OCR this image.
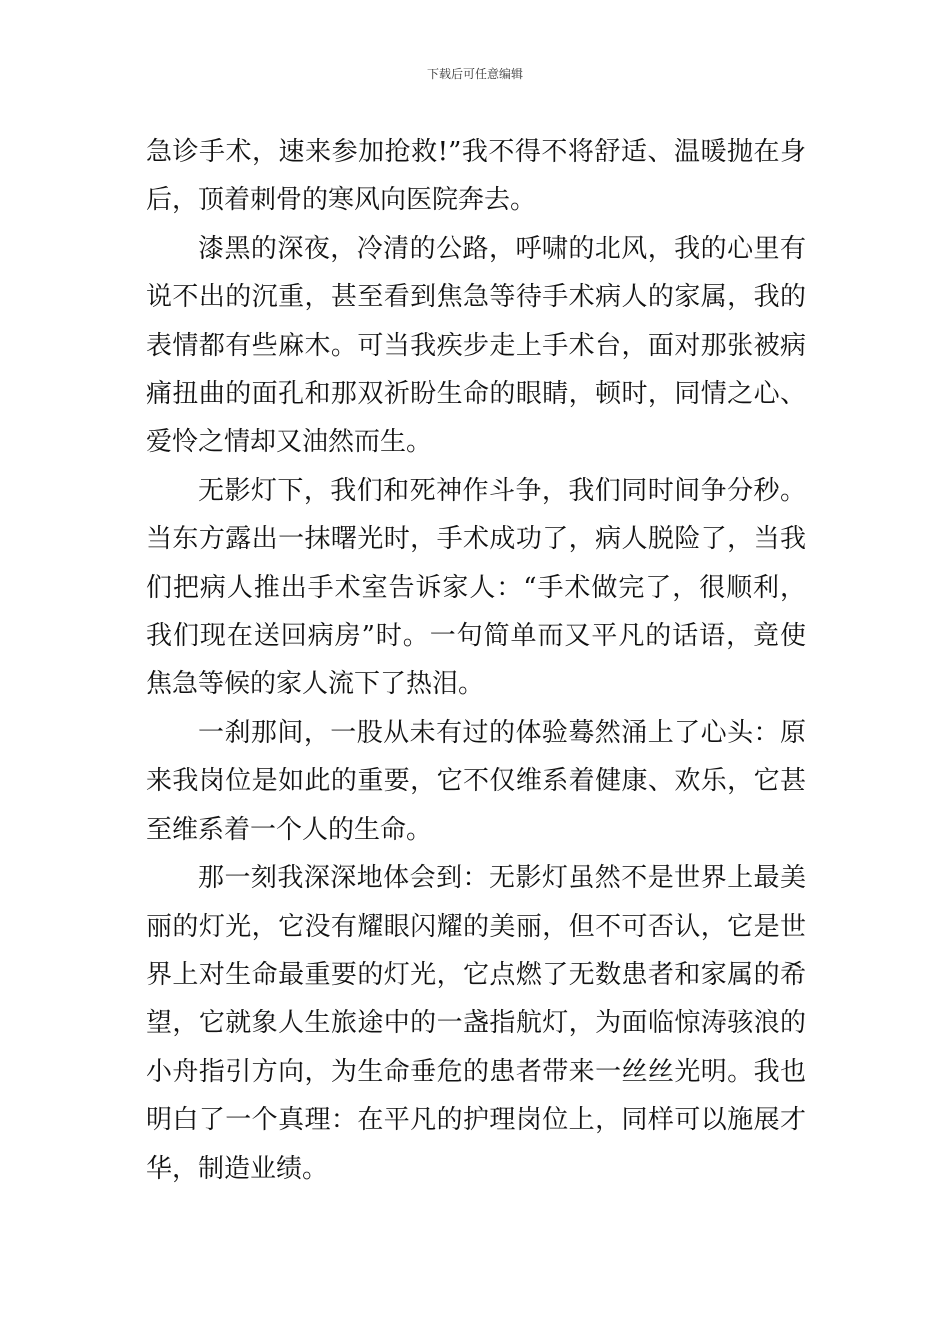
下载后可任意编辑

急诊手术，速来参加抢救!”我不得不将舒适、温暖抛在身后，顶着刺骨的寒风向医院奔去。

漆黑的深夜，冷清的公路，呼啸的北风，我的心里有说不出的沉重，甚至看到焦急等待手术病人的家属，我的表情都有些麻木。可当我疾步走上手术台，面对那张被病痛扭曲的面孔和那双祈盼生命的眼睛，顿时，同情之心、爱怜之情却又油然而生。

无影灯下，我们和死神作斗争，我们同时间争分秒。当东方露出一抹曙光时，手术成功了，病人脱险了，当我们把病人推出手术室告诉家人：“手术做完了，很顺利，我们现在送回病房”时。一句简单而又平凡的话语，竟使焦急等候的家人流下了热泪。

一刹那间，一股从未有过的体验蓦然涌上了心头：原来我岗位是如此的重要，它不仅维系着健康、欢乐，它甚至维系着一个人的生命。

那一刻我深深地体会到：无影灯虽然不是世界上最美丽的灯光，它没有耀眼闪耀的美丽，但不可否认，它是世界上对生命最重要的灯光，它点燃了无数患者和家属的希望，它就象人生旅途中的一盏指航灯，为面临惊涛骇浪的小舟指引方向，为生命垂危的患者带来一丝丝光明。我也明白了一个真理：在平凡的护理岗位上，同样可以施展才华，制造业绩。
